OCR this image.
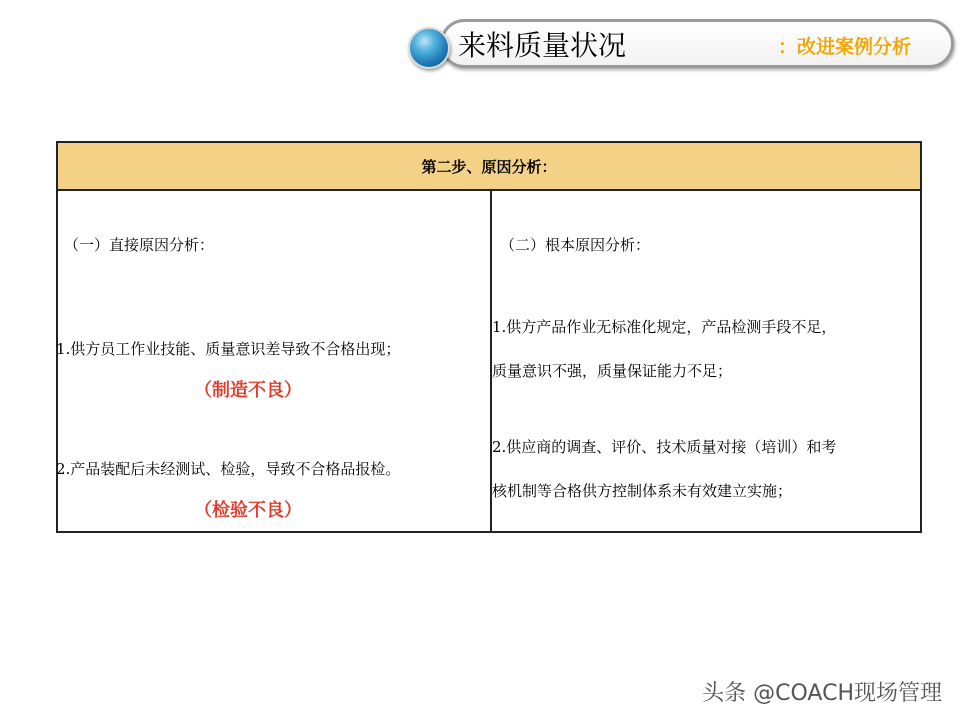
来料质量状况	：改进案例分析
第二步、原因分析：
（一）直接原因分析：
1.供方员工作业技能、质量意识差导致不合格出现；
（制造不良）
2.产品装配后未经测试、检验，导致不合格品报检。
（检验不良）
（二）根本原因分析：
1.供方产品作业无标准化规定，产品检测手段不足，
质量意识不强，质量保证能力不足；
2.供应商的调查、评价、技术质量对接（培训）和考
核机制等合格供方控制体系未有效建立实施；
头条 @COACH现场管理
